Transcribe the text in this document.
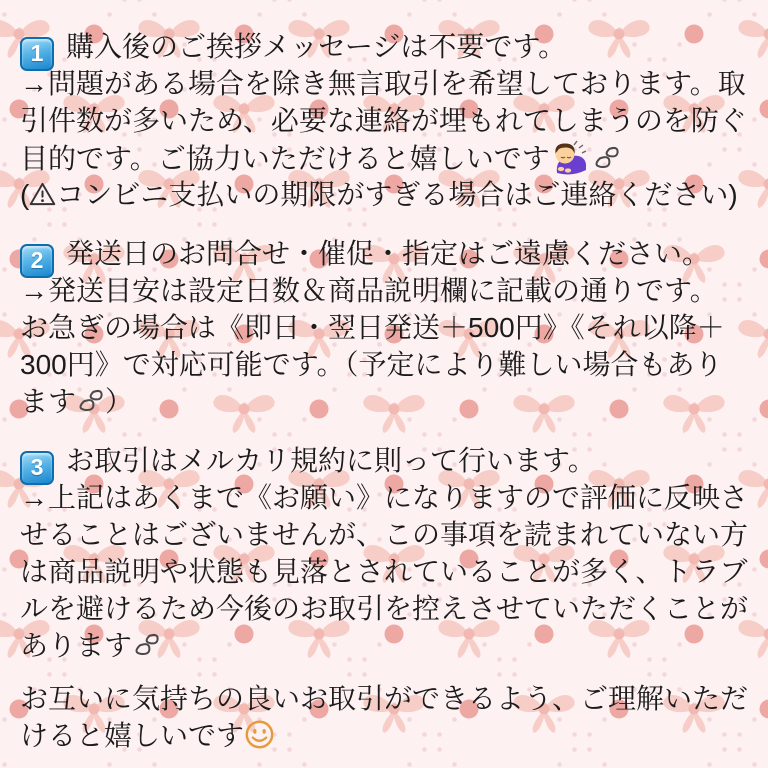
1 購入後のご挨拶メッセージは不要です。
→問題がある場合を除き無言取引を希望しております。取
引件数が多いため、必要な連絡が埋もれてしまうのを防ぐ
目的です。ご協力いただけると嬉しいです
( コンビニ支払いの期限がすぎる場合はご連絡ください)
2 発送日のお問合せ・催促・指定はご遠慮ください。
→発送目安は設定日数＆商品説明欄に記載の通りです。
お急ぎの場合は《即日・翌日発送＋500円》《それ以降＋
300円》で対応可能です。（予定により難しい場合もあり
ます ）
3 お取引はメルカリ規約に則って行います。
→上記はあくまで《お願い》になりますので評価に反映さ
せることはございませんが、この事項を読まれていない方
は商品説明や状態も見落とされていることが多く、トラブ
ルを避けるため今後のお取引を控えさせていただくことが
あります
お互いに気持ちの良いお取引ができるよう、ご理解いただ
けると嬉しいです
